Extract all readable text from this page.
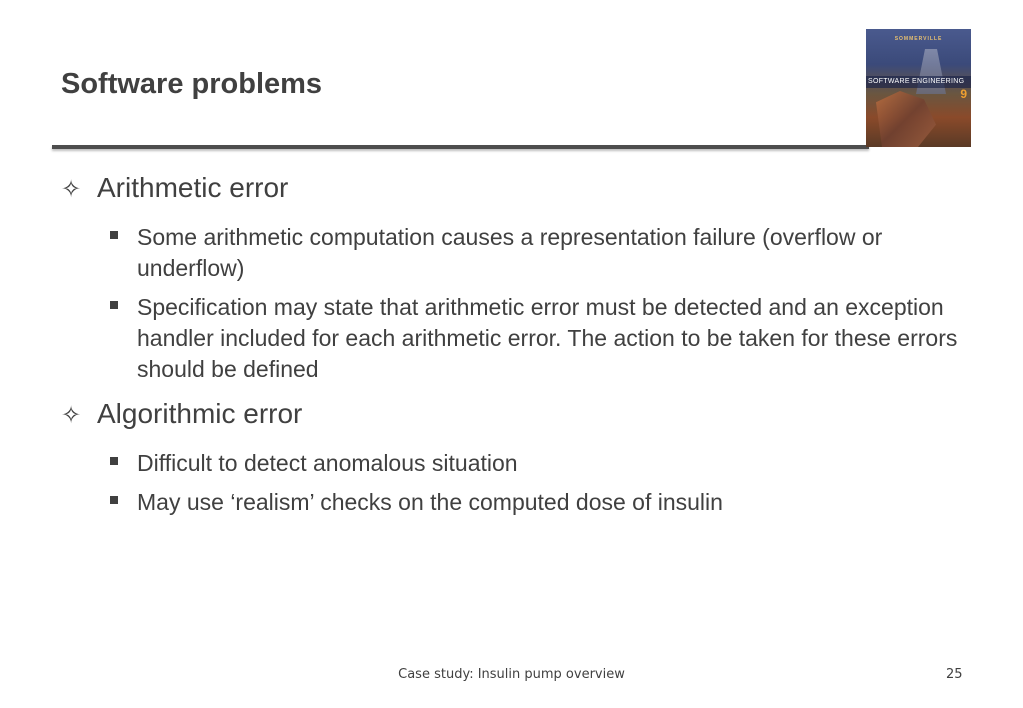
Software problems
SOMMERVILLE
SOFTWARE ENGINEERING
9
✧ Arithmetic error
Some arithmetic computation causes a representation failure (overflow or underflow)
Specification may state that arithmetic error must be detected and an exception handler included for each arithmetic error. The action to be taken for these errors should be defined
✧ Algorithmic error
Difficult to detect anomalous situation
May use ‘realism’ checks on the computed dose of insulin
Case study: Insulin pump overview	25
